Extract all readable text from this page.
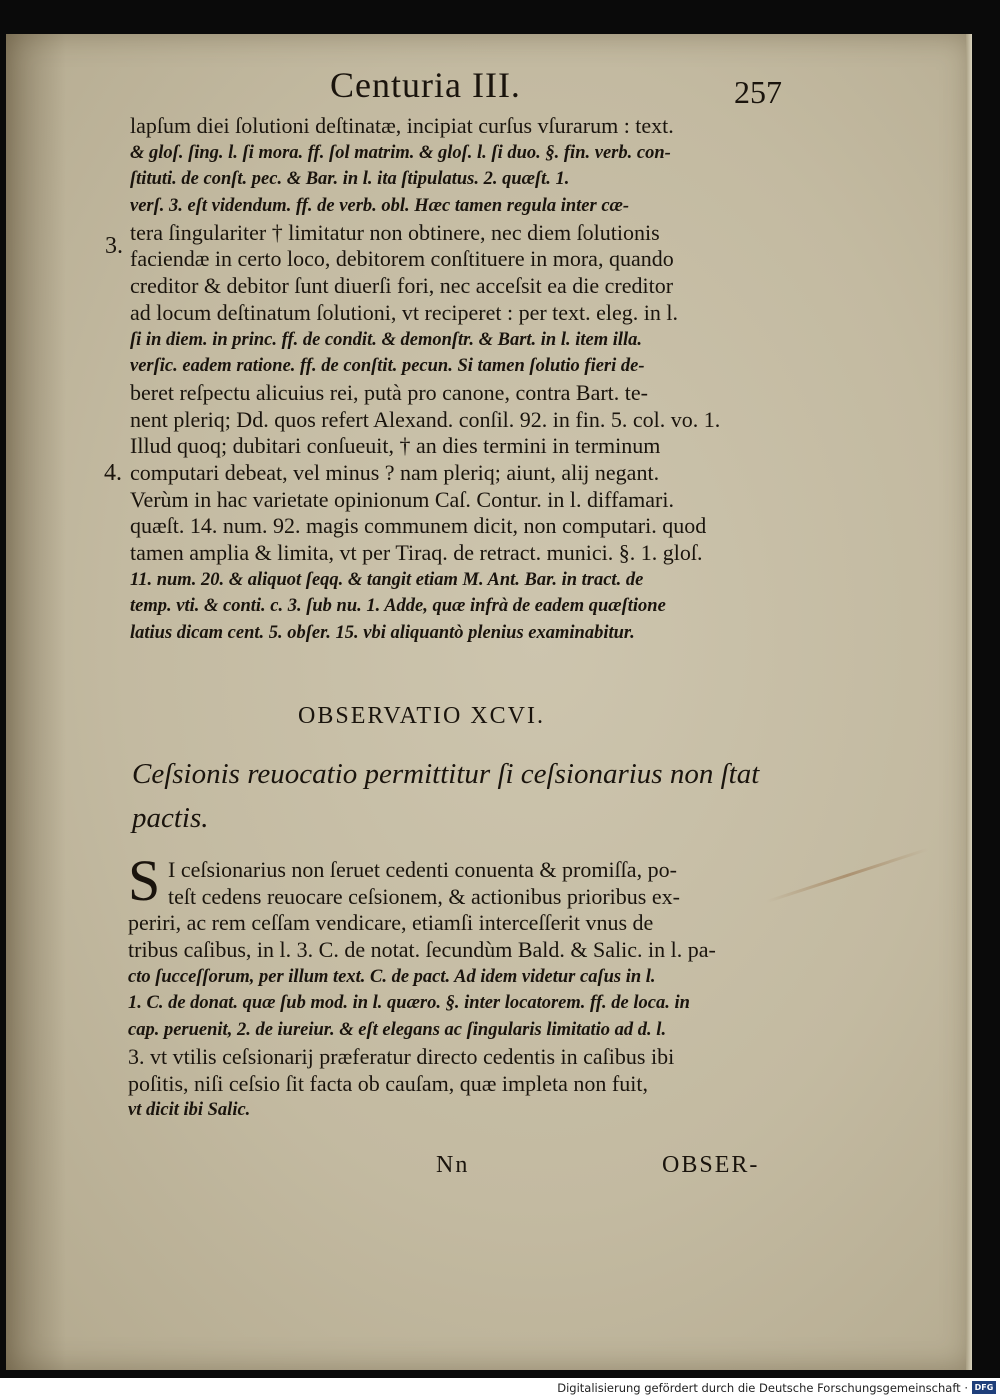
Centuria III.	257
3.
4.
lapſum diei ſolutioni deſtinatæ, incipiat curſus vſurarum : text.
& gloſ. ſing. l. ſi mora. ff. ſol matrim. & gloſ. l. ſi duo. §. fin. verb. con-
ſtituti. de conſt. pec. & Bar. in l. ita ſtipulatus. 2. quæſt. 1.
verſ. 3. eſt videndum. ff. de verb. obl. Hæc tamen regula inter cæ-
tera ſingulariter † limitatur non obtinere, nec diem ſolutionis
faciendæ in certo loco, debitorem conſtituere in mora, quando
creditor & debitor ſunt diuerſi fori, nec acceſsit ea die creditor
ad locum deſtinatum ſolutioni, vt reciperet : per text. eleg. in l.
ſi in diem. in princ. ff. de condit. & demonſtr. & Bart. in l. item illa.
verſic. eadem ratione. ff. de conſtit. pecun. Si tamen ſolutio fieri de-
beret reſpectu alicuius rei, putà pro canone, contra Bart. te-
nent pleriq; Dd. quos refert Alexand. conſil. 92. in fin. 5. col. vo. 1.
Illud quoq; dubitari conſueuit, † an dies termini in terminum
computari debeat, vel minus ? nam pleriq; aiunt, alij negant.
Verùm in hac varietate opinionum Caſ. Contur. in l. diffamari.
quæſt. 14. num. 92. magis communem dicit, non computari. quod
tamen amplia & limita, vt per Tiraq. de retract. munici. §. 1. gloſ.
11. num. 20. & aliquot ſeqq. & tangit etiam M. Ant. Bar. in tract. de
temp. vti. & conti. c. 3. ſub nu. 1. Adde, quæ infrà de eadem quæſtione
latius dicam cent. 5. obſer. 15. vbi aliquantò plenius examinabitur.
OBSERVATIO XCVI.
Ceſsionis reuocatio permittitur ſi ceſsionarius non ſtat pactis.
S I ceſsionarius non ſeruet cedenti conuenta & promiſſa, po-
teſt cedens reuocare ceſsionem, & actionibus prioribus ex-
periri, ac rem ceſſam vendicare, etiamſi interceſſerit vnus de
tribus caſibus, in l. 3. C. de notat. ſecundùm Bald. & Salic. in l. pa-
cto ſucceſſorum, per illum text. C. de pact. Ad idem videtur caſus in l.
1. C. de donat. quæ ſub mod. in l. quæro. §. inter locatorem. ff. de loca. in
cap. peruenit, 2. de iureiur. & eſt elegans ac ſingularis limitatio ad d. l.
3. vt vtilis ceſsionarij præferatur directo cedentis in caſibus ibi
poſitis, niſi ceſsio ſit facta ob cauſam, quæ impleta non fuit,
vt dicit ibi Salic.
Nn	OBSER-
Digitalisierung gefördert durch die Deutsche Forschungsgemeinschaft · DFG
